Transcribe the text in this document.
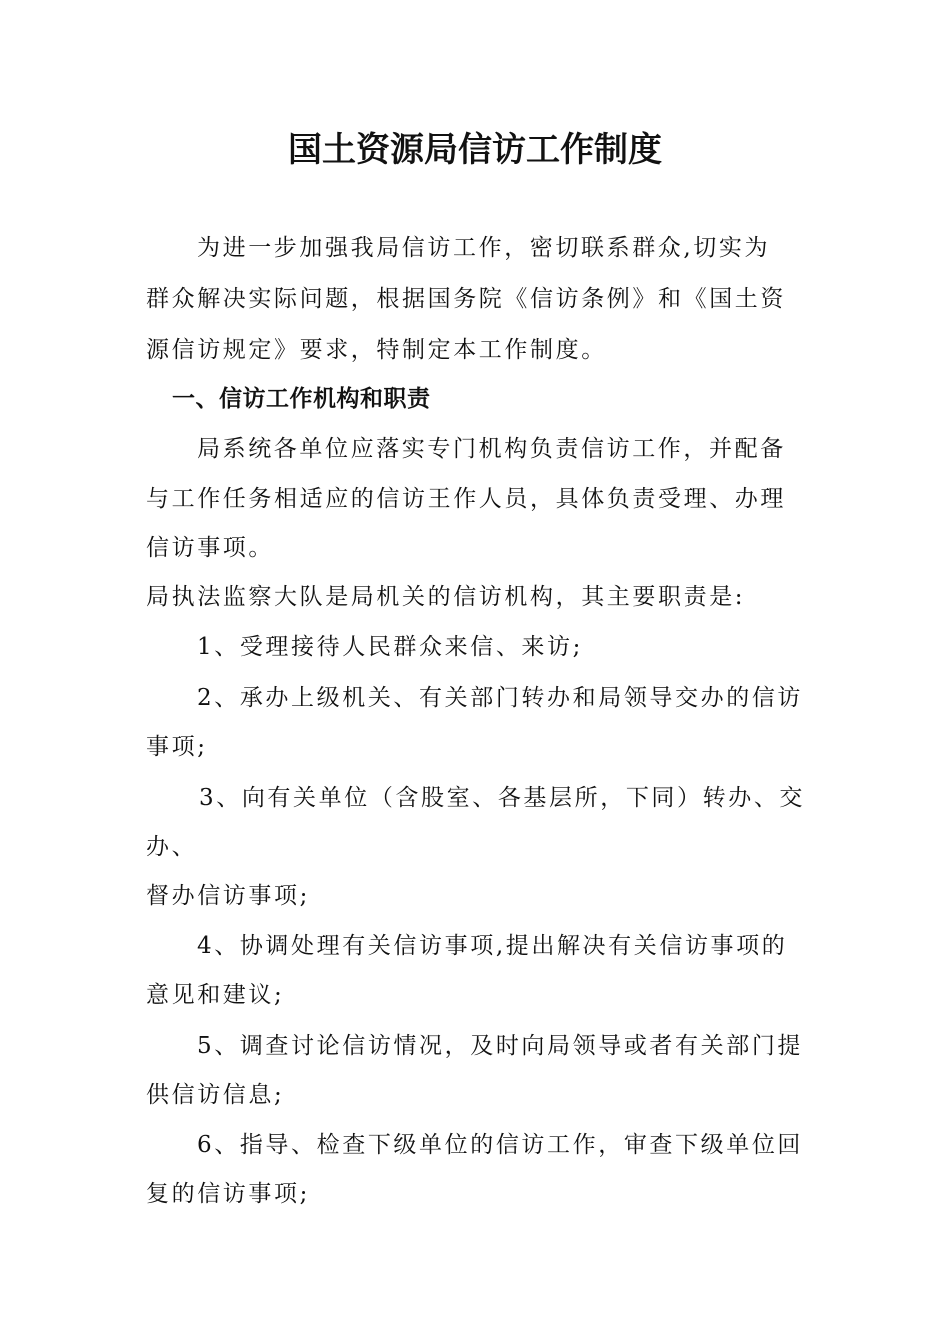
国土资源局信访工作制度
为进一步加强我局信访工作，密切联系群众,切实为
群众解决实际问题，根据国务院《信访条例》和《国土资
源信访规定》要求，特制定本工作制度。
一、信访工作机构和职责
局系统各单位应落实专门机构负责信访工作，并配备
与工作任务相适应的信访王作人员，具体负责受理、办理
信访事项。
局执法监察大队是局机关的信访机构，其主要职责是:
1、受理接待人民群众来信、来访;
2、承办上级机关、有关部门转办和局领导交办的信访
事项;
3、向有关单位（含股室、各基层所，下同）转办、交
办、
督办信访事项;
4、协调处理有关信访事项,提出解决有关信访事项的
意见和建议;
5、调查讨论信访情况，及时向局领导或者有关部门提
供信访信息;
6、指导、检查下级单位的信访工作，审查下级单位回
复的信访事项;
